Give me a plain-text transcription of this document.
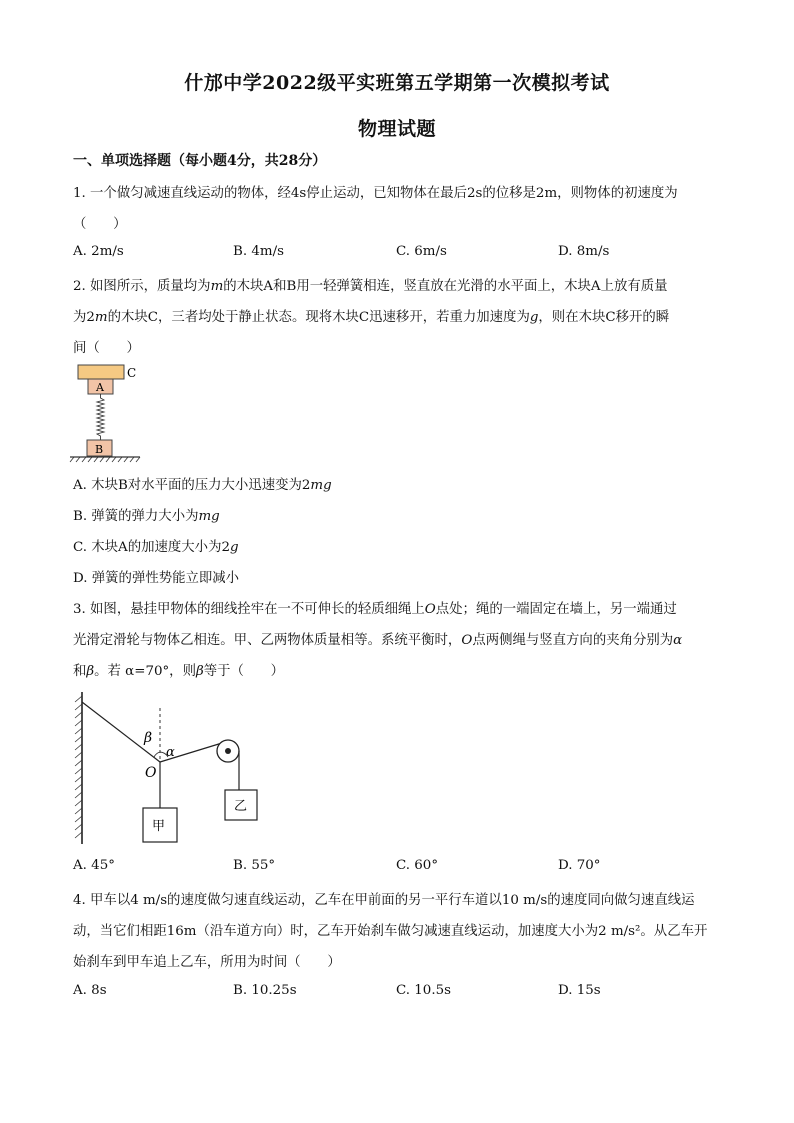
什邡中学2022级平实班第五学期第一次模拟考试
物理试题
一、单项选择题（每小题4分，共28分）
1. 一个做匀减速直线运动的物体，经4s停止运动，已知物体在最后2s的位移是2m，则物体的初速度为
（　　）
A. 2m/s	B. 4m/s	C. 6m/s	D. 8m/s
2. 如图所示，质量均为m的木块A和B用一轻弹簧相连，竖直放在光滑的水平面上，木块A上放有质量
为2m的木块C，三者均处于静止状态。现将木块C迅速移开，若重力加速度为g，则在木块C移开的瞬
间（　　）
C
A
B
A. 木块B对水平面的压力大小迅速变为2mg
B. 弹簧的弹力大小为mg
C. 木块A的加速度大小为2g
D. 弹簧的弹性势能立即减小
3. 如图，悬挂甲物体的细线拴牢在一不可伸长的轻质细绳上O点处；绳的一端固定在墙上，另一端通过
光滑定滑轮与物体乙相连。甲、乙两物体质量相等。系统平衡时，O点两侧绳与竖直方向的夹角分别为α
和β。若 α=70°，则β等于（　　）
β
α
O
甲
乙
A. 45°	B. 55°	C. 60°	D. 70°
4. 甲车以4 m/s的速度做匀速直线运动，乙车在甲前面的另一平行车道以10 m/s的速度同向做匀速直线运
动，当它们相距16m（沿车道方向）时，乙车开始刹车做匀减速直线运动，加速度大小为2 m/s²。从乙车开
始刹车到甲车追上乙车，所用为时间（　　）
A. 8s	B. 10.25s	C. 10.5s	D. 15s
